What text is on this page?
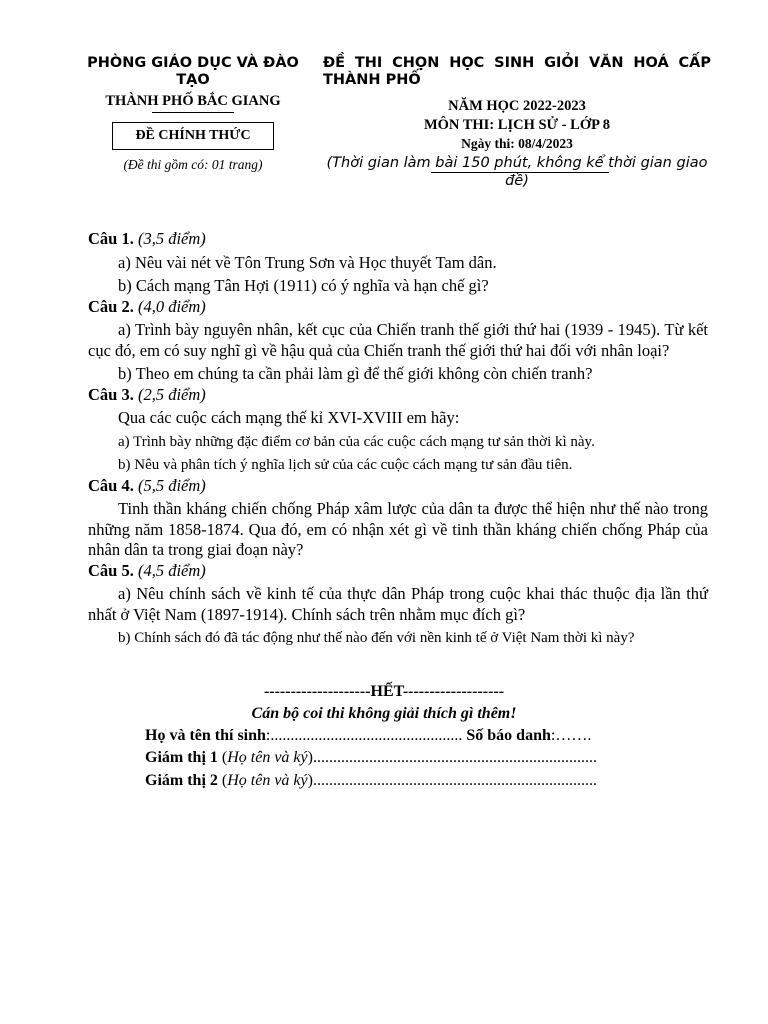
PHÒNG GIÁO DỤC VÀ ĐÀO TẠO
THÀNH PHỐ BẮC GIANG
ĐỀ CHÍNH THỨC
(Đề thi gồm có: 01 trang)
ĐỀ THI CHỌN HỌC SINH GIỎI VĂN HOÁ CẤP THÀNH PHỐ
NĂM HỌC 2022-2023
MÔN THI: LỊCH SỬ - LỚP 8
Ngày thi: 08/4/2023
(Thời gian làm bài 150 phút, không kể thời gian giao đề)

Câu 1. (3,5 điểm)

a) Nêu vài nét về Tôn Trung Sơn và Học thuyết Tam dân.

b) Cách mạng Tân Hợi (1911) có ý nghĩa và hạn chế gì?

Câu 2. (4,0 điểm)

a) Trình bày nguyên nhân, kết cục của Chiến tranh thế giới thứ hai (1939 - 1945). Từ kết cục đó, em có suy nghĩ gì về hậu quả của Chiến tranh thế giới thứ hai đối với nhân loại?

b) Theo em chúng ta cần phải làm gì để thế giới không còn chiến tranh?

Câu 3. (2,5 điểm)

Qua các cuộc cách mạng thế kỉ XVI-XVIII em hãy:

a) Trình bày những đặc điểm cơ bản của các cuộc cách mạng tư sản thời kì này.

b) Nêu và phân tích ý nghĩa lịch sử của các cuộc cách mạng tư sản đầu tiên.

Câu 4. (5,5 điểm)

Tinh thần kháng chiến chống Pháp xâm lược của dân ta được thể hiện như thế nào trong những năm 1858-1874. Qua đó, em có nhận xét gì về tinh thần kháng chiến chống Pháp của nhân dân ta trong giai đoạn này?

Câu 5. (4,5 điểm)

a) Nêu chính sách về kinh tế của thực dân Pháp trong cuộc khai thác thuộc địa lần thứ nhất ở Việt Nam (1897-1914). Chính sách trên nhằm mục đích gì?

b) Chính sách đó đã tác động như thế nào đến với nền kinh tế ở Việt Nam thời kì này?

--------------------HẾT-------------------
Cán bộ coi thi không giải thích gì thêm!
Họ và tên thí sinh:................................................ Số báo danh:…….
Giám thị 1 (Họ tên và ký).......................................................................
Giám thị 2 (Họ tên và ký).......................................................................
